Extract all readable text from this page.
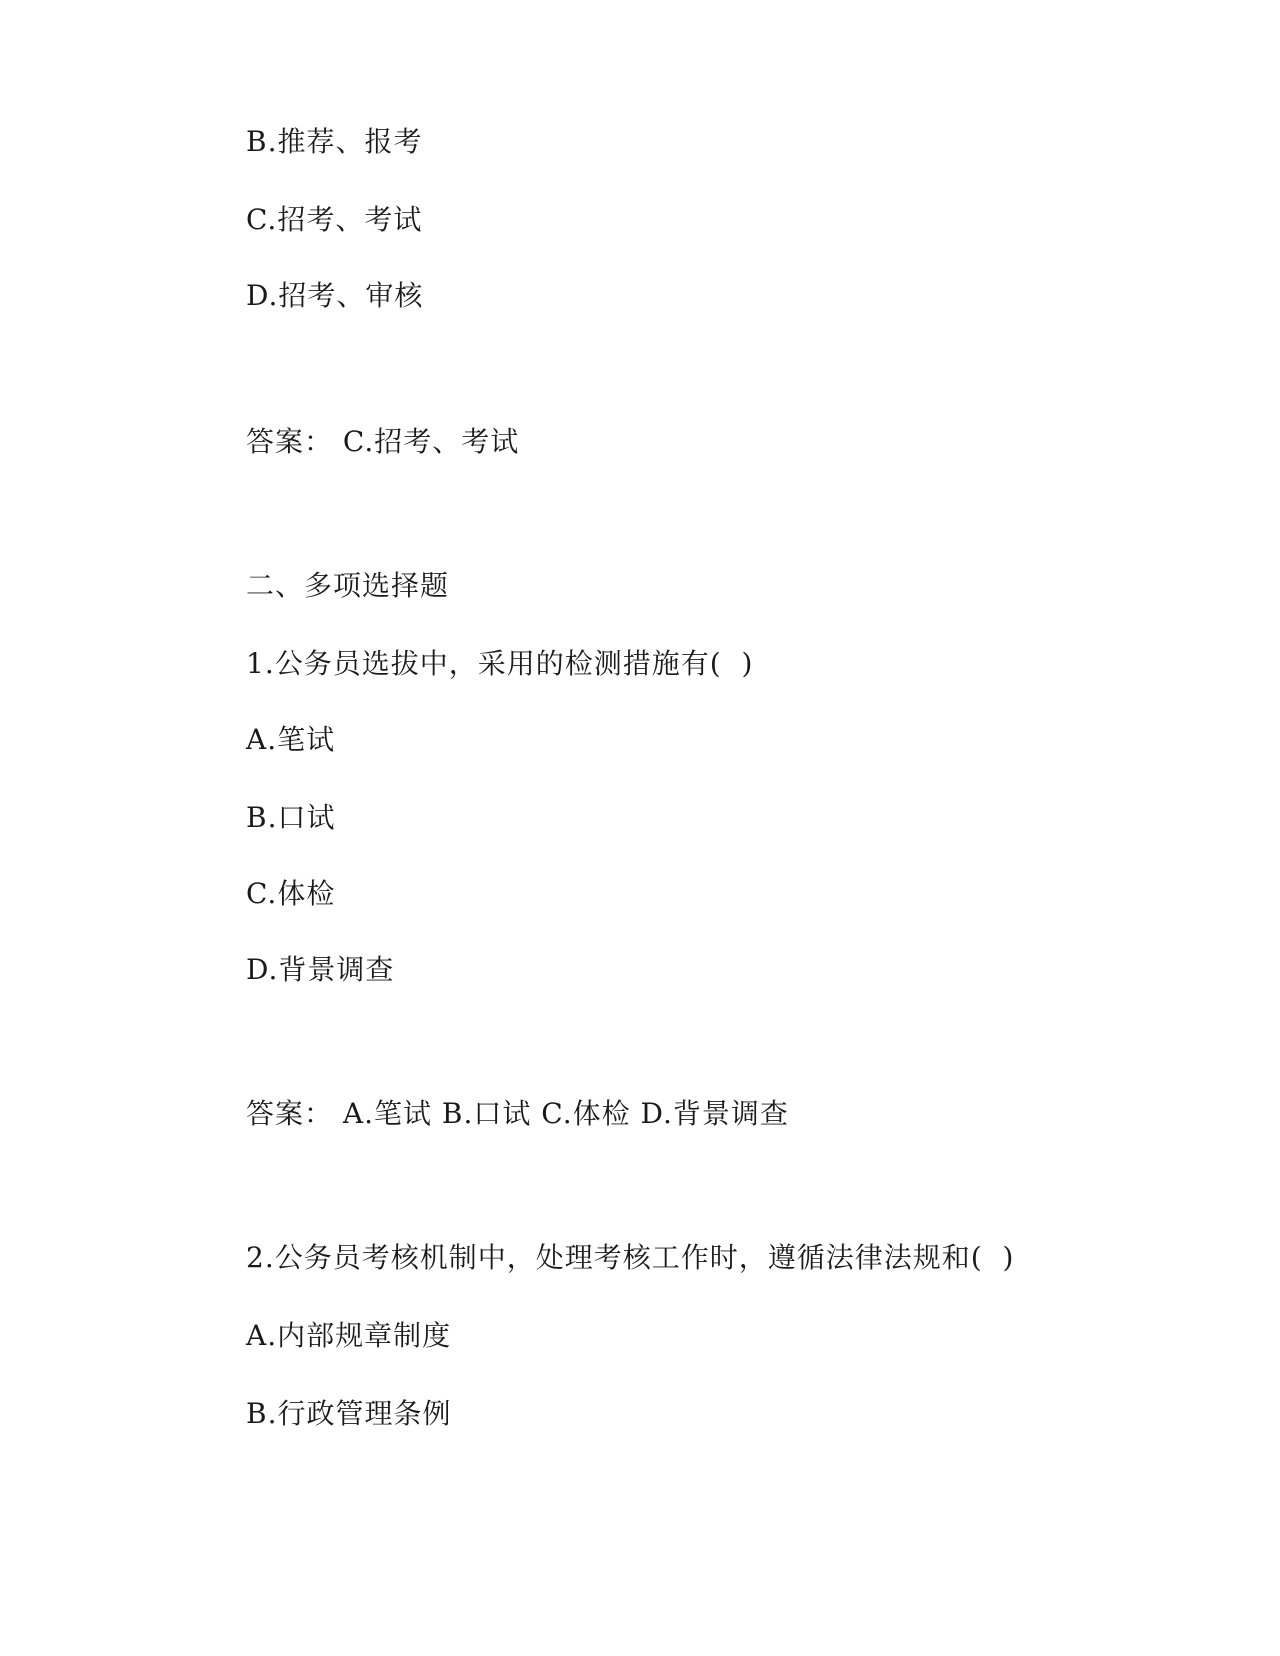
B.推荐、报考
C.招考、考试
D.招考、审核
答案： C.招考、考试
二、多项选择题
1.公务员选拔中，采用的检测措施有(  )
A.笔试
B.口试
C.体检
D.背景调查
答案： A.笔试 B.口试 C.体检 D.背景调查
2.公务员考核机制中，处理考核工作时，遵循法律法规和(  )
A.内部规章制度
B.行政管理条例
